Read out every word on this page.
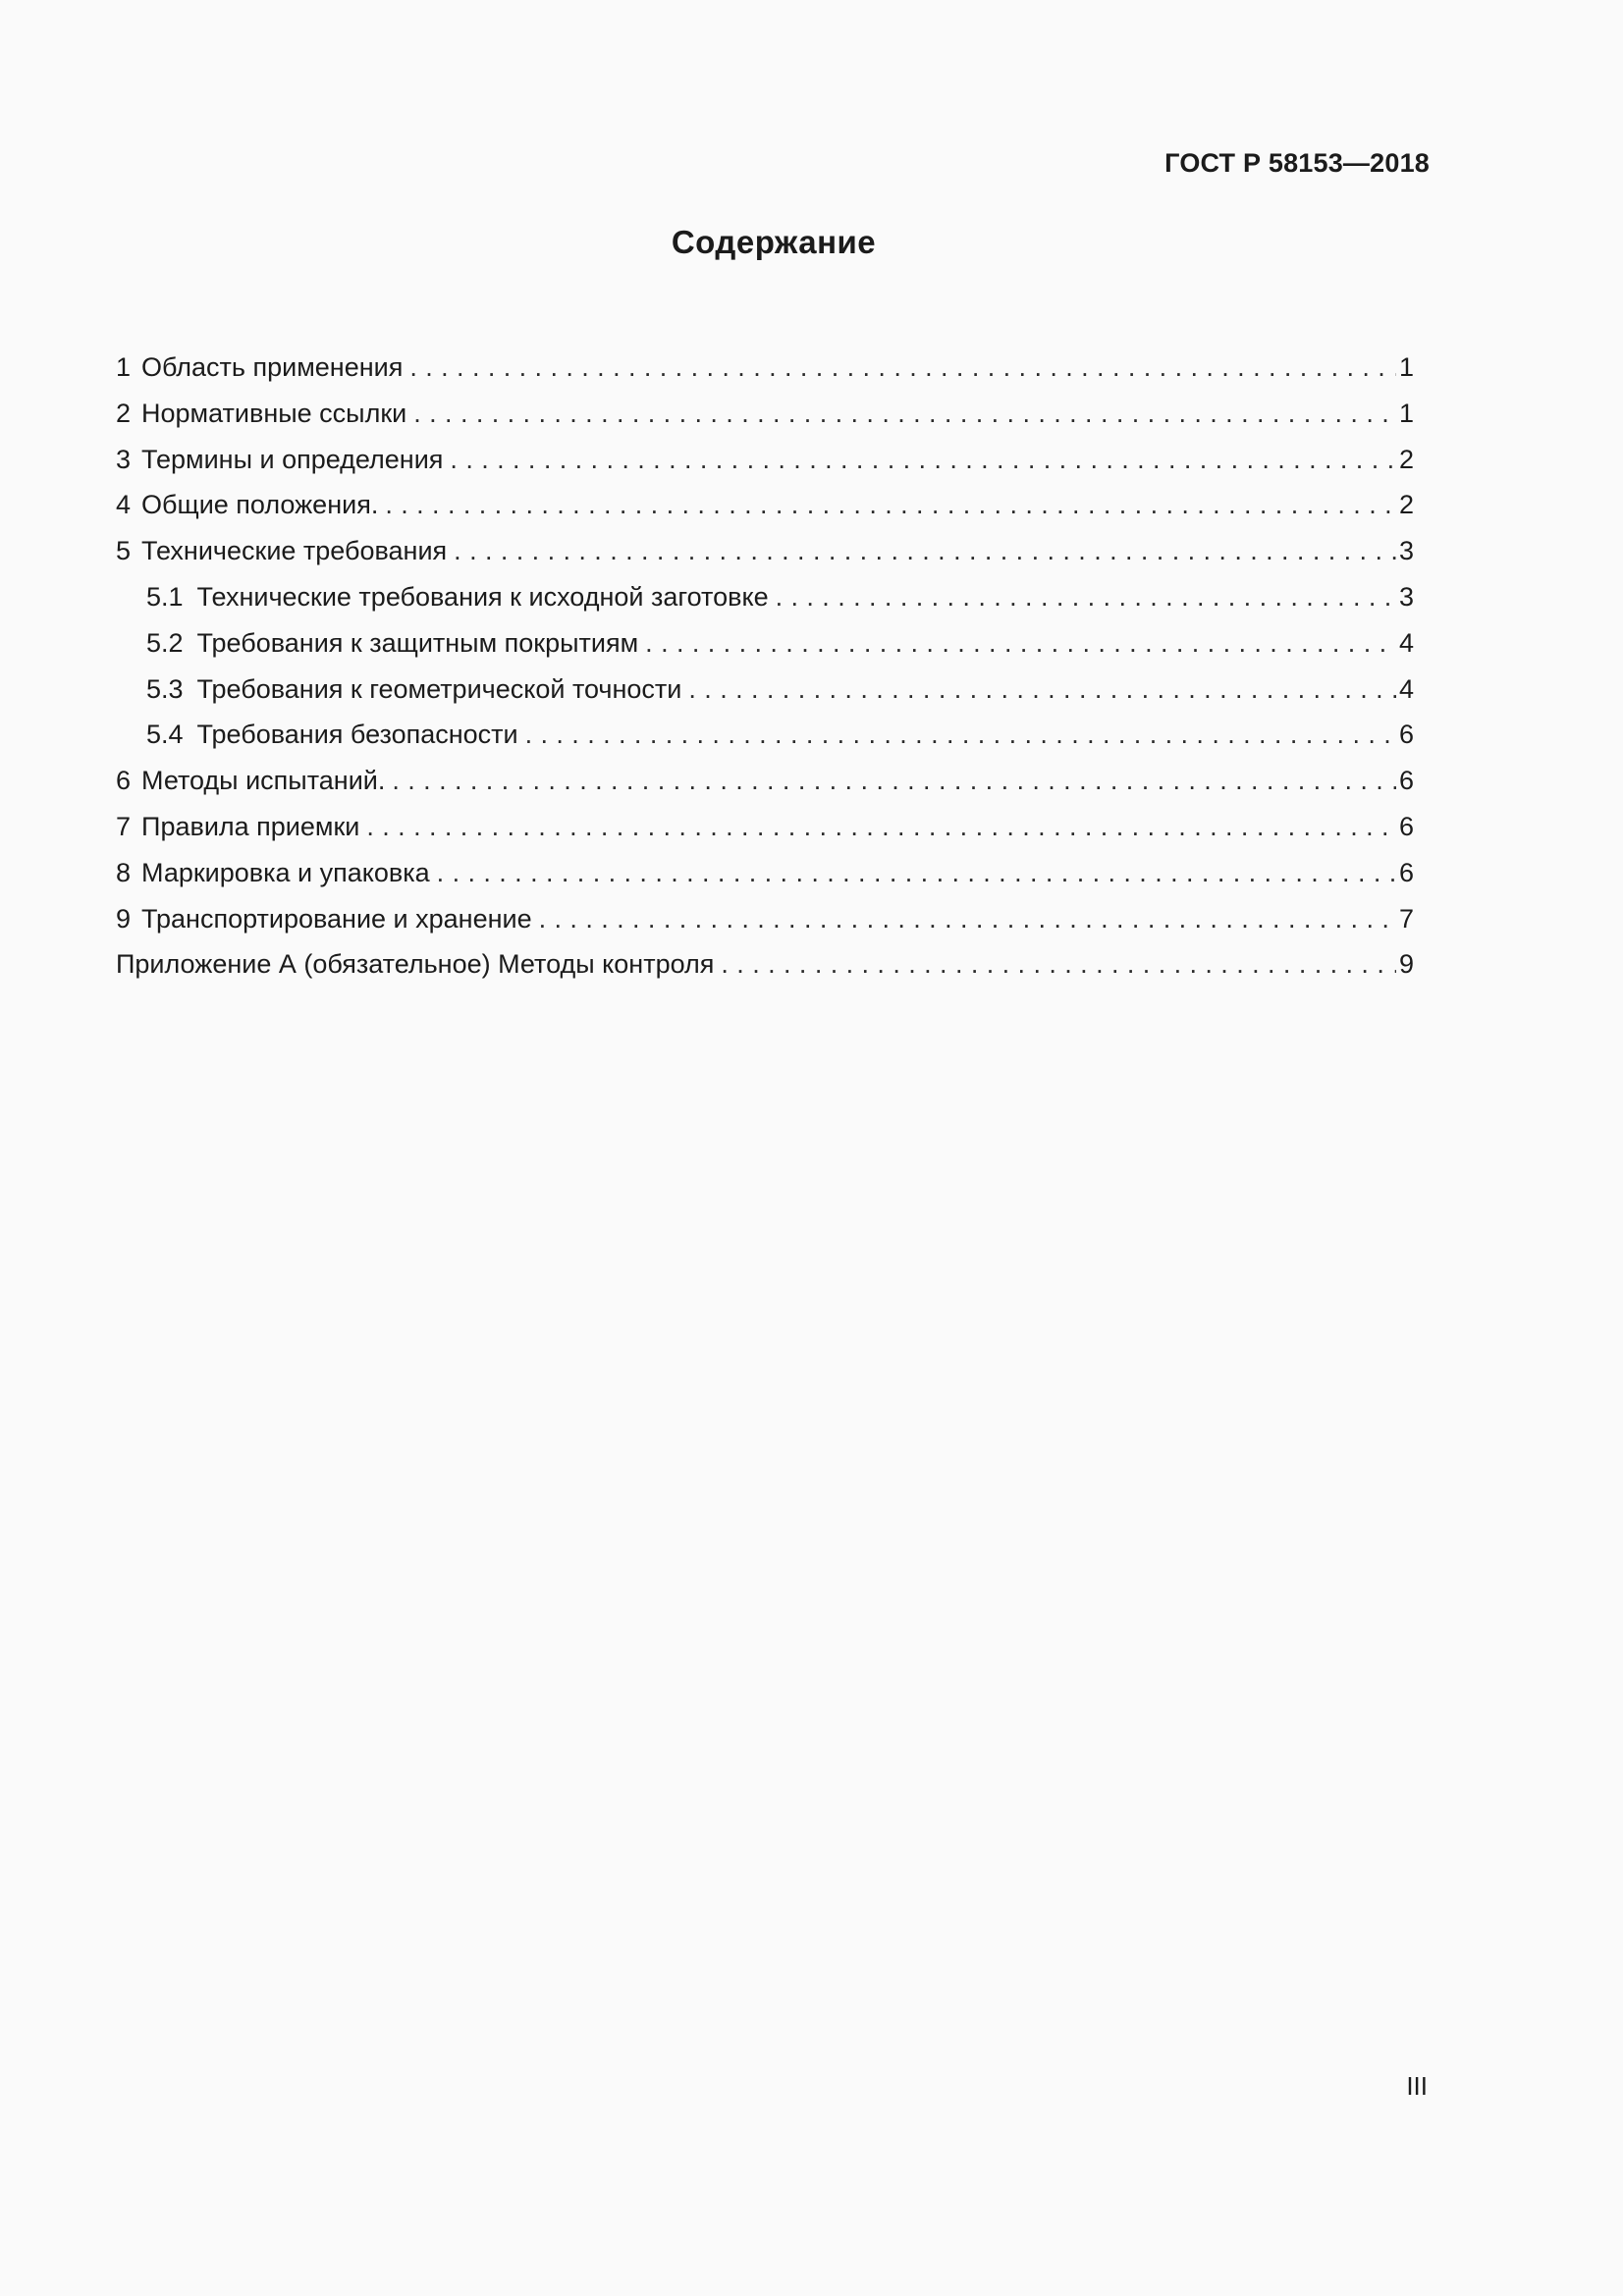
ГОСТ Р 58153—2018
Содержание
1 Область применения . . .	1
2 Нормативные ссылки . . .	1
3 Термины и определения . . .	2
4 Общие положения. . . .	2
5 Технические требования . . .	3
5.1 Технические требования к исходной заготовке . . .	3
5.2 Требования к защитным покрытиям . . .	4
5.3 Требования к геометрической точности . . .	4
5.4 Требования безопасности . . .	6
6 Методы испытаний. . . .	6
7 Правила приемки . . .	6
8 Маркировка и упаковка . . .	6
9 Транспортирование и хранение . . .	7
Приложение А (обязательное) Методы контроля . . .	9
III
